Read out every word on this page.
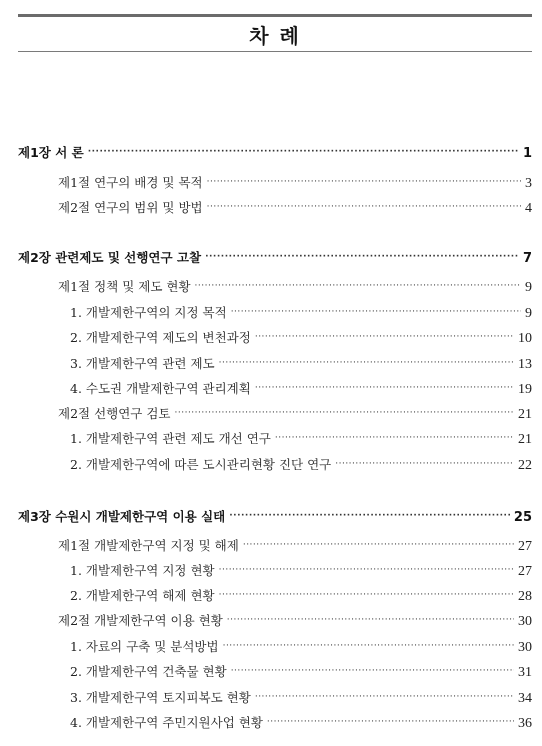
차 례
제1장 서 론 ·····	1
제1절 연구의 배경 및 목적 ·····	3
제2절 연구의 범위 및 방법 ·····	4
제2장 관련제도 및 선행연구 고찰 ·····	7
제1절 정책 및 제도 현황 ·····	9
1. 개발제한구역의 지정 목적 ·····	9
2. 개발제한구역 제도의 변천과정 ·····	10
3. 개발제한구역 관련 제도 ·····	13
4. 수도권 개발제한구역 관리계획 ·····	19
제2절 선행연구 검토 ·····	21
1. 개발제한구역 관련 제도 개선 연구 ·····	21
2. 개발제한구역에 따른 도시관리현황 진단 연구 ·····	22
제3장 수원시 개발제한구역 이용 실태 ·····	25
제1절 개발제한구역 지정 및 해제 ·····	27
1. 개발제한구역 지정 현황 ·····	27
2. 개발제한구역 해제 현황 ·····	28
제2절 개발제한구역 이용 현황 ·····	30
1. 자료의 구축 및 분석방법 ·····	30
2. 개발제한구역 건축물 현황 ·····	31
3. 개발제한구역 토지피복도 현황 ·····	34
4. 개발제한구역 주민지원사업 현황 ·····	36
